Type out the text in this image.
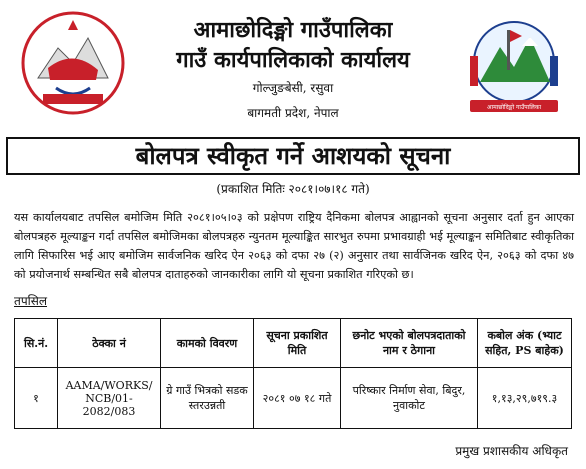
आमाछोदिङ्मो गाउँपालिका
गाउँ कार्यपालिकाको कार्यालय
गोल्जुङबेसी, रसुवा
बागमती प्रदेश, नेपाल	आमाछोदिङ्मो गाउँपालिका
बोलपत्र स्वीकृत गर्ने आशयको सूचना
(प्रकाशित मितिः २०८१।०७।१८ गते)
यस कार्यालयबाट तपसिल बमोजिम मिति २०८१।०५।०३ को प्रक्षेपण राष्ट्रिय दैनिकमा बोलपत्र आह्वानको सूचना अनुसार दर्ता हुन आएका बोलपत्रहरु मूल्याङ्कन गर्दा तपसिल बमोजिमका बोलपत्रहरु न्युनतम मूल्याङ्कित सारभुत रुपमा प्रभावग्राही भई मूल्याङ्कन समितिबाट स्वीकृतिका लागि सिफारिस भई आए बमोजिम सार्वजनिक खरिद ऐन २०६३ को दफा २७ (२) अनुसार तथा सार्वजिनक खरिद ऐन, २०६३ को दफा ४७ को प्रयोजनार्थ सम्बन्धित सबै बोलपत्र दाताहरुको जानकारीका लागि यो सूचना प्रकाशित गरिएको छ।
तपसिल
सि.नं.	ठेक्का नं	कामको विवरण	सूचना प्रकाशित मिति	छनोट भएको बोलपत्रदाताको नाम र ठेगाना	कबोल अंक (भ्याट सहित, PS बाहेक)
१	AAMA/WORKS/ NCB/01-2082/083	ग्रे गाउँ भित्रको सडक स्तरउन्नती	२०८१ ०७ १८ गते	परिष्कार निर्माण सेवा, बिदुर, नुवाकोट	१,१३,२९,७१९.३
प्रमुख प्रशासकीय अधिकृत
